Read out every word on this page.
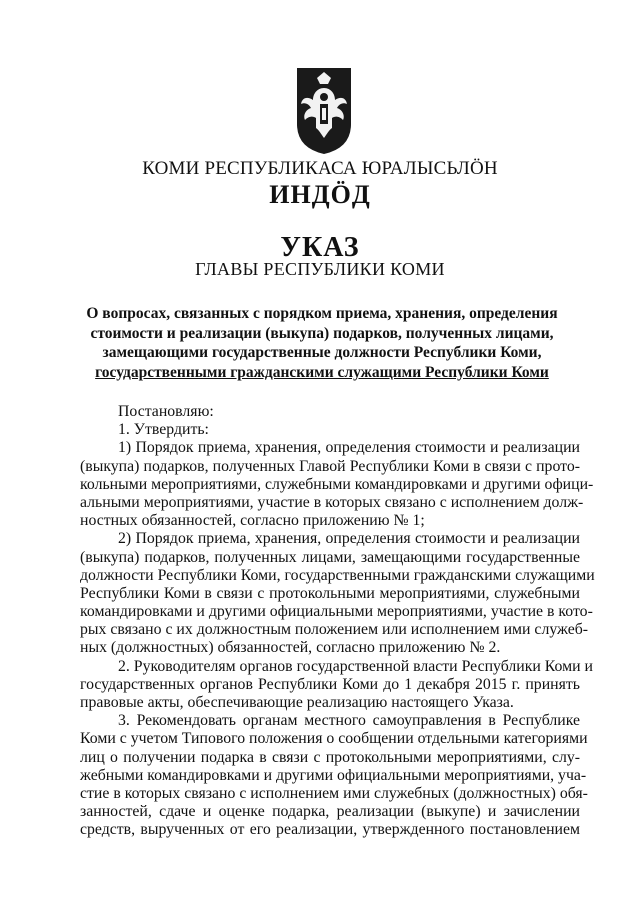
КОМИ РЕСПУБЛИКАСА ЮРАЛЫСЬЛÖН
ИНДÖД
УКАЗ
ГЛАВЫ РЕСПУБЛИКИ КОМИ
О вопросах, связанных с порядком приема, хранения, определения
стоимости и реализации (выкупа) подарков, полученных лицами,
замещающими государственные должности Республики Коми,
государственными гражданскими служащими Республики Коми
Постановляю:
1. Утвердить:
1) Порядок приема, хранения, определения стоимости и реализации
(выкупа) подарков, полученных Главой Республики Коми в связи с прото-
кольными мероприятиями, служебными командировками и другими офици-
альными мероприятиями, участие в которых связано с исполнением долж-
ностных обязанностей, согласно приложению № 1;
2) Порядок приема, хранения, определения стоимости и реализации
(выкупа) подарков, полученных лицами, замещающими государственные
должности Республики Коми, государственными гражданскими служащими
Республики Коми в связи с протокольными мероприятиями, служебными
командировками и другими официальными мероприятиями, участие в кото-
рых связано с их должностным положением или исполнением ими служеб-
ных (должностных) обязанностей, согласно приложению № 2.
2. Руководителям органов государственной власти Республики Коми и
государственных органов Республики Коми до 1 декабря 2015 г. принять
правовые акты, обеспечивающие реализацию настоящего Указа.
3. Рекомендовать органам местного самоуправления в Республике
Коми с учетом Типового положения о сообщении отдельными категориями
лиц о получении подарка в связи с протокольными мероприятиями, слу-
жебными командировками и другими официальными мероприятиями, уча-
стие в которых связано с исполнением ими служебных (должностных) обя-
занностей, сдаче и оценке подарка, реализации (выкупе) и зачислении
средств, вырученных от его реализации, утвержденного постановлением
